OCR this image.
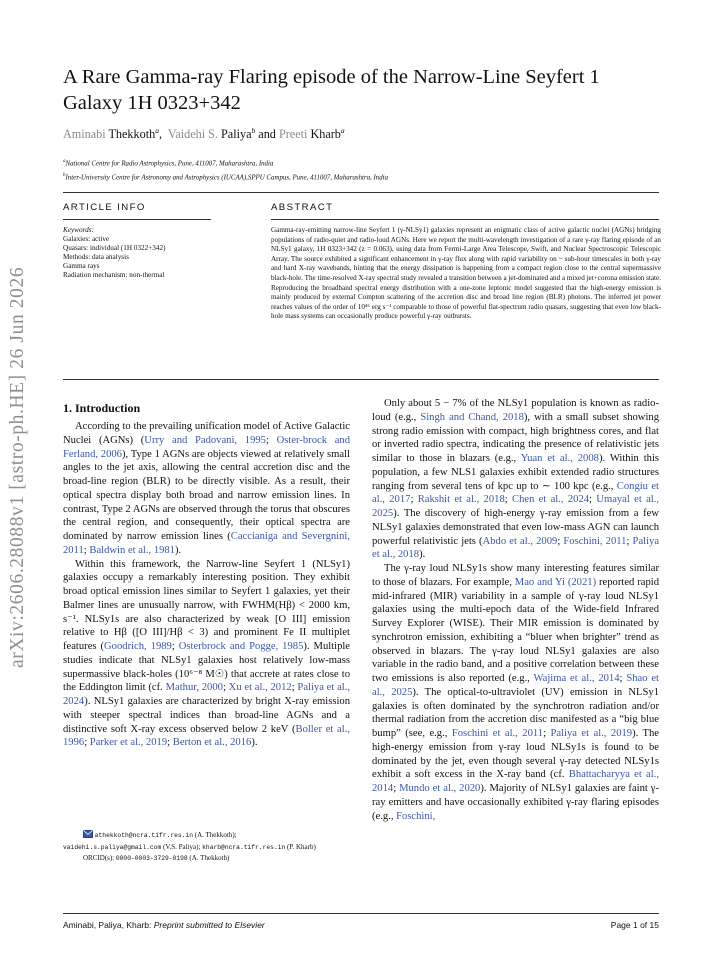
arXiv:2606.28088v1 [astro-ph.HE] 26 Jun 2026
A Rare Gamma-ray Flaring episode of the Narrow-Line Seyfert 1 Galaxy 1H 0323+342
Aminabi Thekkoth$^a$,  Vaidehi S. Paliya$^b$ and Preeti Kharb$^a$
$^a$National Centre for Radio Astrophysics, Pune, 411007, Maharashtra, India
$^b$Inter-University Centre for Astronomy and Astrophysics (IUCAA),SPPU Campus, Pune, 411007, Maharashtra, India
ARTICLE INFO	ABSTRACT
Keywords:
Galaxies: active
Quasars: individual (1H 0322+342)
Methods: data analysis
Gamma rays
Radiation mechanism: non-thermal
Gamma-ray-emitting narrow-line Seyfert 1 (γ-NLSy1) galaxies represent an enigmatic class of active galactic nuclei (AGNs) bridging populations of radio-quiet and radio-loud AGNs. Here we report the multi-wavelength investigation of a rare γ-ray flaring episode of an NLSy1 galaxy, 1H 0323+342 (z = 0.063), using data from Fermi-Large Area Telescope, Swift, and Nuclear Spectroscopic Telescopic Array. The source exhibited a significant enhancement in γ-ray flux along with rapid variability on ~ sub-hour timescales in both γ-ray and hard X-ray wavebands, hinting that the energy dissipation is happening from a compact region close to the central supermassive black-hole. The time-resolved X-ray spectral study revealed a transition between a jet-dominated and a mixed jet+corona emission state. Reproducing the broadband spectral energy distribution with a one-zone leptonic model suggested that the high-energy emission is mainly produced by external Compton scattering of the accretion disc and broad line region (BLR) photons. The inferred jet power reaches values of the order of 10⁴⁶ erg s⁻¹ comparable to those of powerful flat-spectrum radio quasars, suggesting that even low black-hole mass systems can occasionally produce powerful γ-ray outbursts.
1. Introduction

According to the prevailing unification model of Active Galactic Nuclei (AGNs) (Urry and Padovani, 1995; Oster-brock and Ferland, 2006), Type 1 AGNs are objects viewed at relatively small angles to the jet axis, allowing the central accretion disc and the broad-line region (BLR) to be directly visible. As a result, their optical spectra display both broad and narrow emission lines. In contrast, Type 2 AGNs are observed through the torus that obscures the central region, and consequently, their optical spectra are dominated by narrow emission lines (Caccianiga and Severgnini, 2011; Baldwin et al., 1981).

Within this framework, the Narrow-line Seyfert 1 (NLSy1) galaxies occupy a remarkably interesting position. They exhibit broad optical emission lines similar to Seyfert 1 galaxies, yet their Balmer lines are unusually narrow, with FWHM(Hβ) < 2000 km, s⁻¹. NLSy1s are also characterized by weak [O III] emission relative to Hβ ([O III]/Hβ < 3) and prominent Fe II multiplet features (Goodrich, 1989; Osterbrock and Pogge, 1985). Multiple studies indicate that NLSy1 galaxies host relatively low-mass supermassive black-holes (10⁶⁻⁸ M☉) that accrete at rates close to the Eddington limit (cf. Mathur, 2000; Xu et al., 2012; Paliya et al., 2024). NLSy1 galaxies are characterized by bright X-ray emission with steeper spectral indices than broad-line AGNs and a distinctive soft X-ray excess observed below 2 keV (Boller et al., 1996; Parker et al., 2019; Berton et al., 2016).

Only about 5 − 7% of the NLSy1 population is known as radio-loud (e.g., Singh and Chand, 2018), with a small subset showing strong radio emission with compact, high brightness cores, and flat or inverted radio spectra, indicating the presence of relativistic jets similar to those in blazars (e.g., Yuan et al., 2008). Within this population, a few NLS1 galaxies exhibit extended radio structures ranging from several tens of kpc up to ∼ 100 kpc (e.g., Congiu et al., 2017; Rakshit et al., 2018; Chen et al., 2024; Umayal et al., 2025). The discovery of high-energy γ-ray emission from a few NLSy1 galaxies demonstrated that even low-mass AGN can launch powerful relativistic jets (Abdo et al., 2009; Foschini, 2011; Paliya et al., 2018).

The γ-ray loud NLSy1s show many interesting features similar to those of blazars. For example, Mao and Yi (2021) reported rapid mid-infrared (MIR) variability in a sample of γ-ray loud NLSy1 galaxies using the multi-epoch data of the Wide-field Infrared Survey Explorer (WISE). Their MIR emission is dominated by synchrotron emission, exhibiting a “bluer when brighter” trend as observed in blazars. The γ-ray loud NLSy1 galaxies are also variable in the radio band, and a positive correlation between these two emissions is also reported (e.g., Wajima et al., 2014; Shao et al., 2025). The optical-to-ultraviolet (UV) emission in NLSy1 galaxies is often dominated by the synchrotron radiation and/or thermal radiation from the accretion disc manifested as a “big blue bump” (see, e.g., Foschini et al., 2011; Paliya et al., 2019). The high-energy emission from γ-ray loud NLSy1s is found to be dominated by the jet, even though several γ-ray detected NLSy1s exhibit a soft excess in the X-ray band (cf. Bhattacharyya et al., 2014; Mundo et al., 2020). Majority of NLSy1 galaxies are faint γ-ray emitters and have occasionally exhibited γ-ray flaring episodes (e.g., Foschini,

athekkoth@ncra.tifr.res.in (A. Thekkoth);
vaidehi.s.paliya@gmail.com (V.S. Paliya); kharb@ncra.tifr.res.in (P. Kharb)
ORCID(s): 0000-0003-3729-0198 (A. Thekkoth)
Aminabi, Paliya, Kharb: Preprint submitted to Elsevier	Page 1 of 15
